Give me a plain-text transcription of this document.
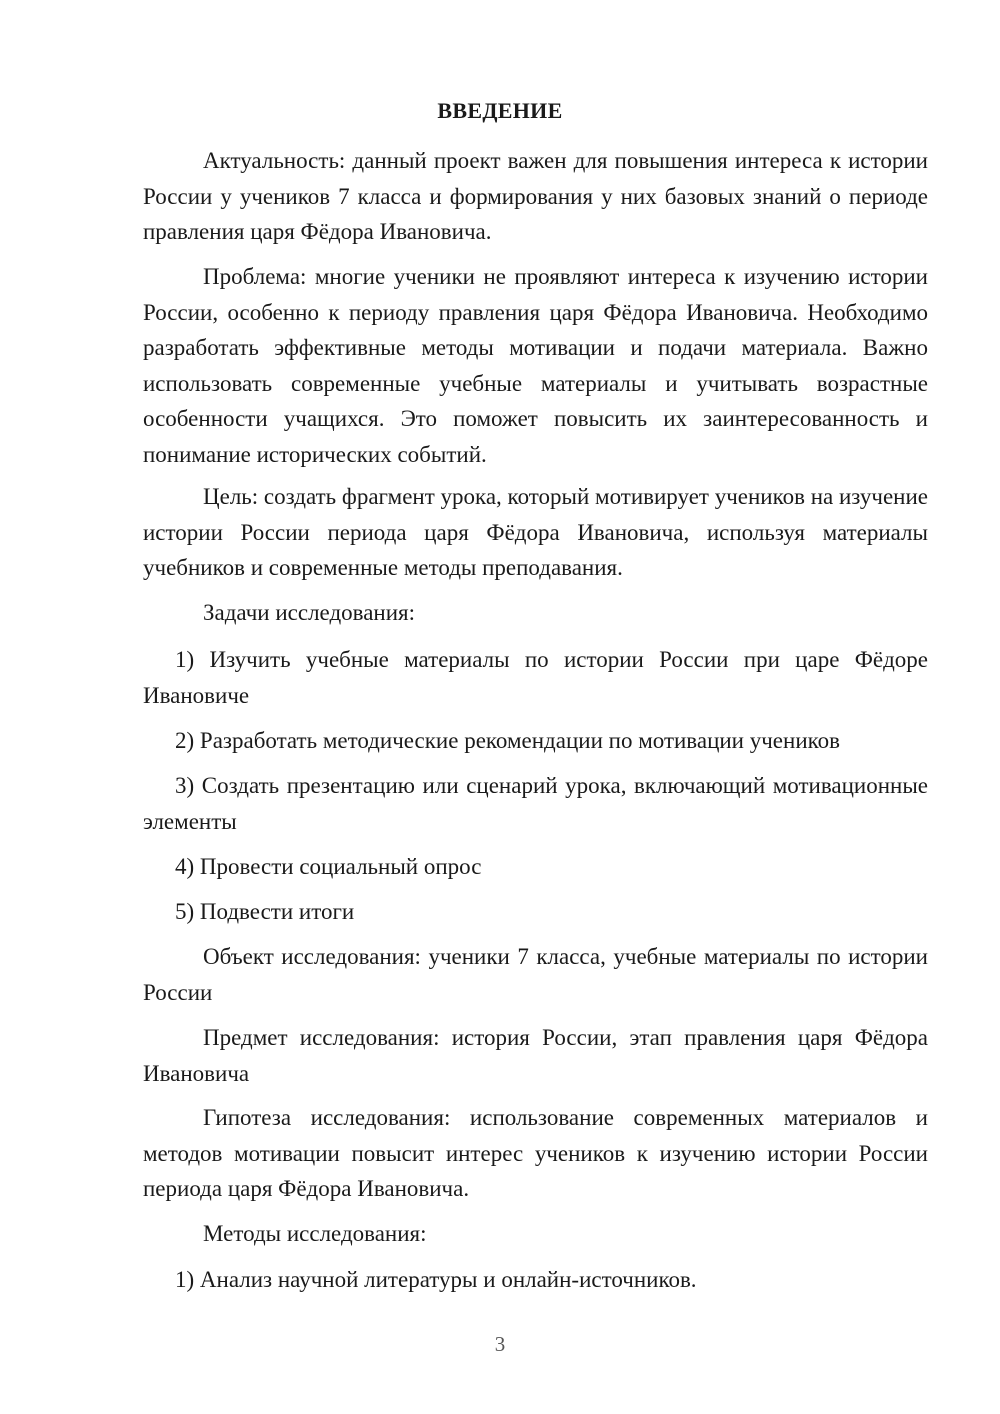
ВВЕДЕНИЕ

Актуальность: данный проект важен для повышения интереса к истории России у учеников 7 класса и формирования у них базовых знаний о периоде правления царя Фёдора Ивановича.

Проблема: многие ученики не проявляют интереса к изучению истории России, особенно к периоду правления царя Фёдора Ивановича. Необходимо разработать эффективные методы мотивации и подачи материала. Важно использовать современные учебные материалы и учитывать возрастные особенности учащихся. Это поможет повысить их заинтересованность и понимание исторических событий.

Цель: создать фрагмент урока, который мотивирует учеников на изучение истории России периода царя Фёдора Ивановича, используя материалы учебников и современные методы преподавания.

Задачи исследования:

1) Изучить учебные материалы по истории России при царе Фёдоре Ивановиче

2) Разработать методические рекомендации по мотивации учеников

3) Создать презентацию или сценарий урока, включающий мотивационные элементы

4) Провести социальный опрос

5) Подвести итоги

Объект исследования: ученики 7 класса, учебные материалы по истории России

Предмет исследования: история России, этап правления царя Фёдора Ивановича

Гипотеза исследования: использование современных материалов и методов мотивации повысит интерес учеников к изучению истории России периода царя Фёдора Ивановича.

Методы исследования:

1) Анализ научной литературы и онлайн-источников.

3
